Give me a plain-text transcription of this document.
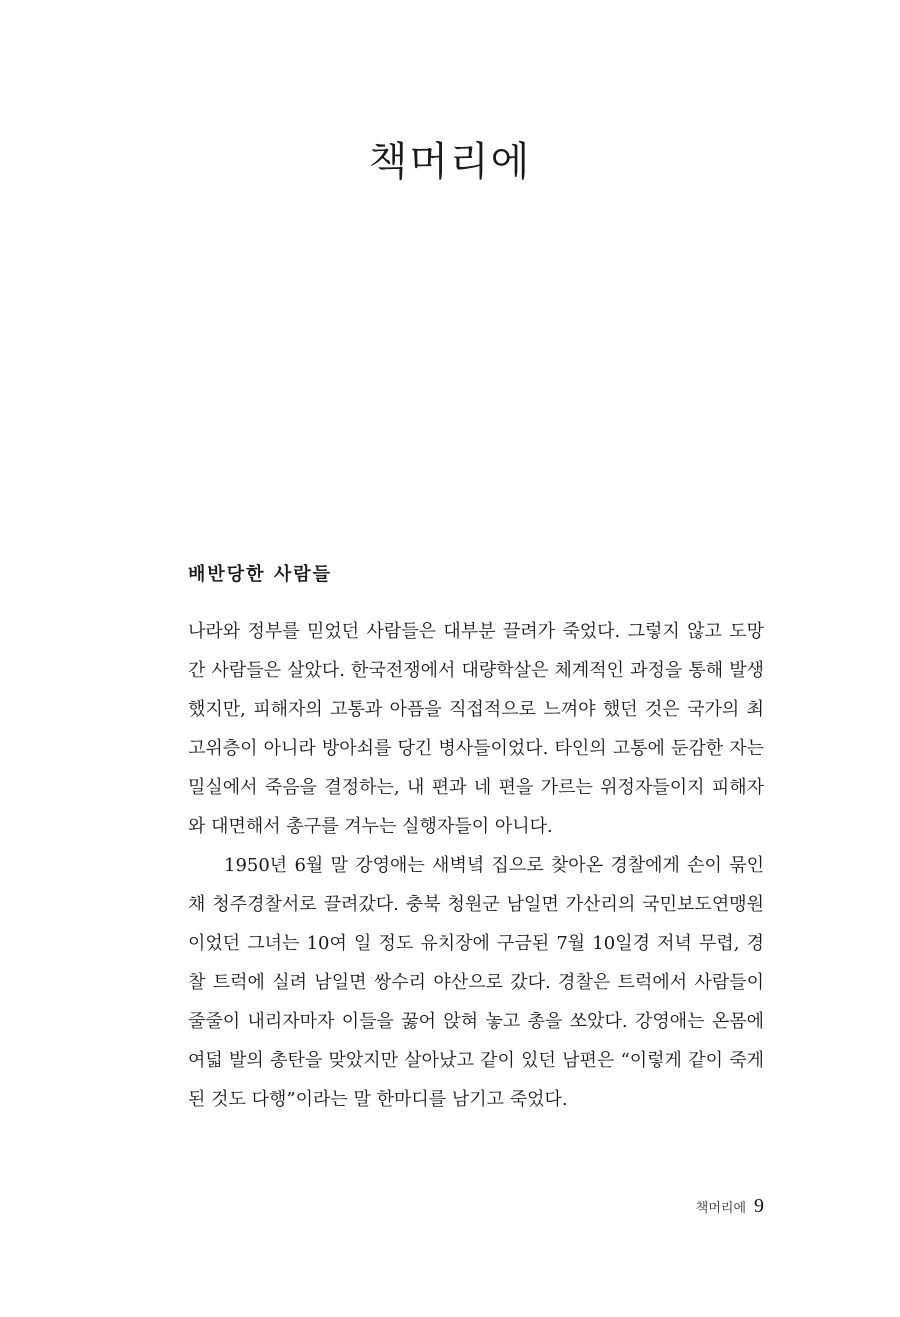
책머리에
배반당한 사람들

나라와 정부를 믿었던 사람들은 대부분 끌려가 죽었다. 그렇지 않고 도망간 사람들은 살았다. 한국전쟁에서 대량학살은 체계적인 과정을 통해 발생했지만, 피해자의 고통과 아픔을 직접적으로 느껴야 했던 것은 국가의 최고위층이 아니라 방아쇠를 당긴 병사들이었다. 타인의 고통에 둔감한 자는 밀실에서 죽음을 결정하는, 내 편과 네 편을 가르는 위정자들이지 피해자와 대면해서 총구를 겨누는 실행자들이 아니다.

1950년 6월 말 강영애는 새벽녘 집으로 찾아온 경찰에게 손이 묶인 채 청주경찰서로 끌려갔다. 충북 청원군 남일면 가산리의 국민보도연맹원이었던 그녀는 10여 일 정도 유치장에 구금된 7월 10일경 저녁 무렵, 경찰 트럭에 실려 남일면 쌍수리 야산으로 갔다. 경찰은 트럭에서 사람들이 줄줄이 내리자마자 이들을 꿇어 앉혀 놓고 총을 쏘았다. 강영애는 온몸에 여덟 발의 총탄을 맞았지만 살아났고 같이 있던 남편은 “이렇게 같이 죽게 된 것도 다행”이라는 말 한마디를 남기고 죽었다.

책머리에 9
